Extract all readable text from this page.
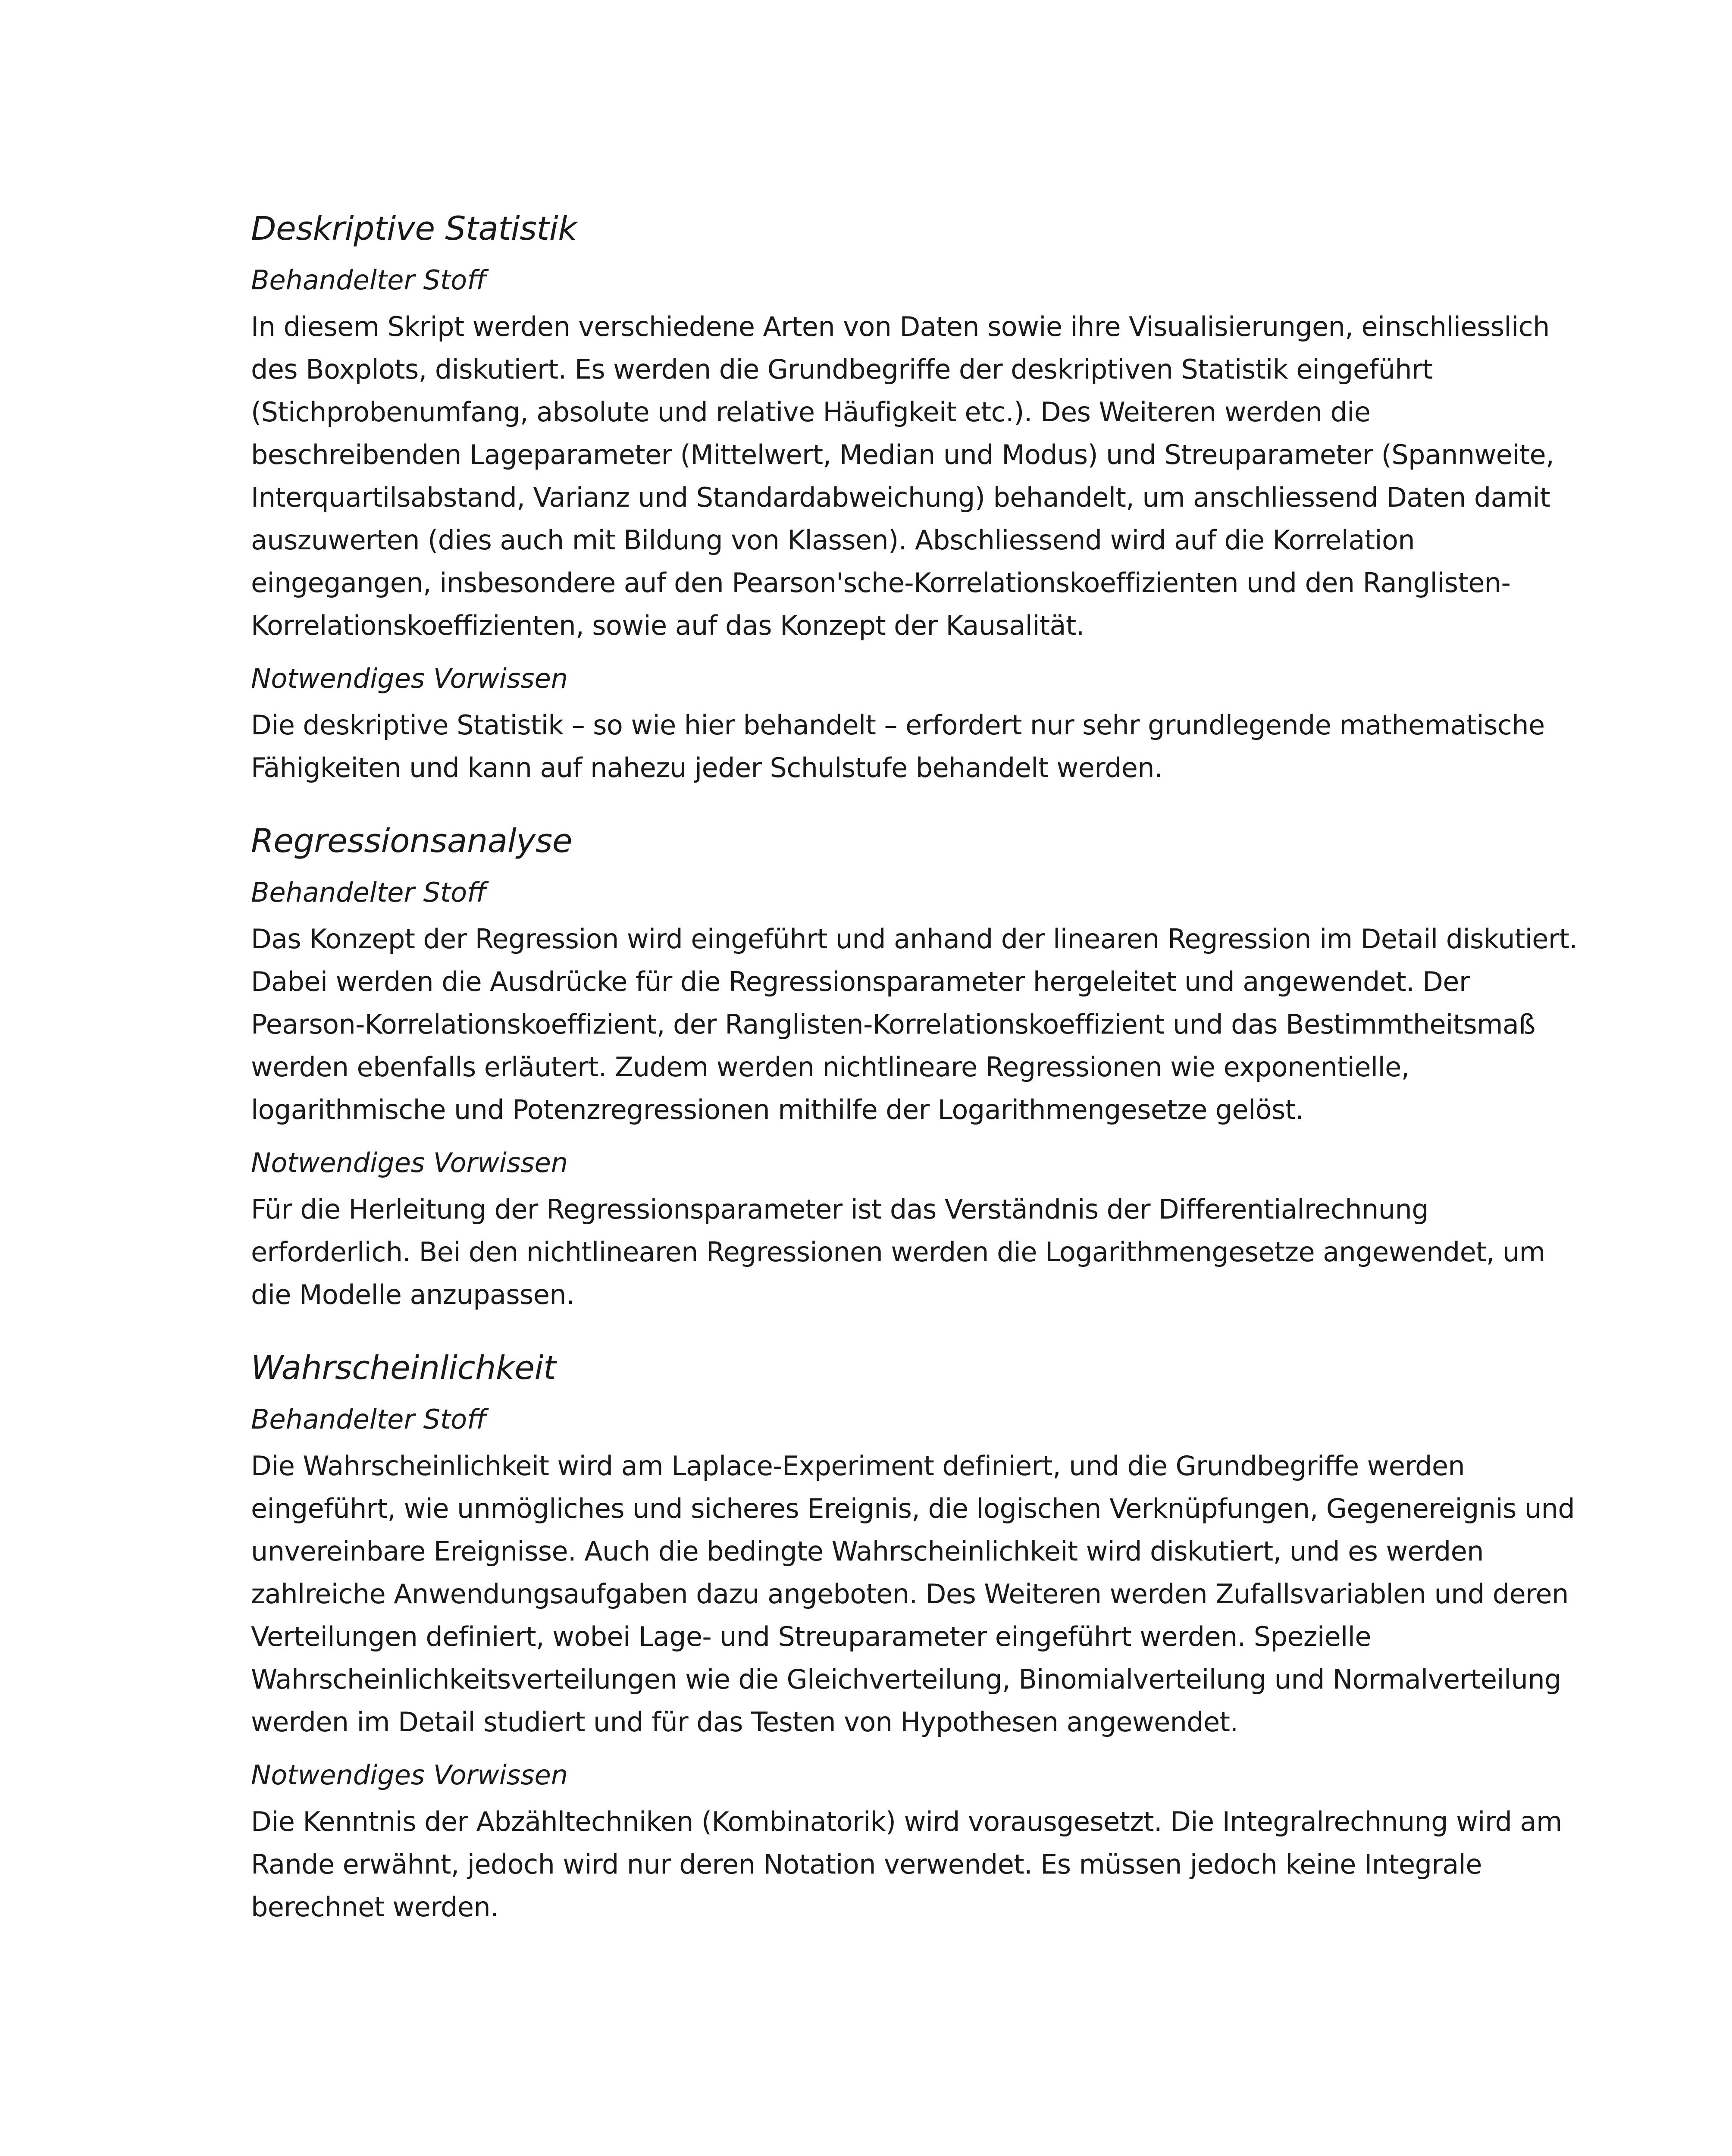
Deskriptive Statistik
Behandelter Stoff

In diesem Skript werden verschiedene Arten von Daten sowie ihre Visualisierungen, einschliesslich des Boxplots, diskutiert. Es werden die Grundbegriffe der deskriptiven Statistik eingeführt (Stichprobenumfang, absolute und relative Häufigkeit etc.). Des Weiteren werden die beschreibenden Lageparameter (Mittelwert, Median und Modus) und Streuparameter (Spannweite, Interquartilsabstand, Varianz und Standardabweichung) behandelt, um anschliessend Daten damit auszuwerten (dies auch mit Bildung von Klassen). Abschliessend wird auf die Korrelation eingegangen, insbesondere auf den Pearson'sche-Korrelationskoeffizienten und den Ranglisten-Korrelationskoeffizienten, sowie auf das Konzept der Kausalität.

Notwendiges Vorwissen

Die deskriptive Statistik – so wie hier behandelt – erfordert nur sehr grundlegende mathematische Fähigkeiten und kann auf nahezu jeder Schulstufe behandelt werden.

Regressionsanalyse
Behandelter Stoff

Das Konzept der Regression wird eingeführt und anhand der linearen Regression im Detail diskutiert. Dabei werden die Ausdrücke für die Regressionsparameter hergeleitet und angewendet. Der Pearson-Korrelationskoeffizient, der Ranglisten-Korrelationskoeffizient und das Bestimmtheitsmaß werden ebenfalls erläutert. Zudem werden nichtlineare Regressionen wie exponentielle, logarithmische und Potenzregressionen mithilfe der Logarithmengesetze gelöst.

Notwendiges Vorwissen

Für die Herleitung der Regressionsparameter ist das Verständnis der Differentialrechnung erforderlich. Bei den nichtlinearen Regressionen werden die Logarithmengesetze angewendet, um die Modelle anzupassen.

Wahrscheinlichkeit
Behandelter Stoff

Die Wahrscheinlichkeit wird am Laplace-Experiment definiert, und die Grundbegriffe werden eingeführt, wie unmögliches und sicheres Ereignis, die logischen Verknüpfungen, Gegenereignis und unvereinbare Ereignisse. Auch die bedingte Wahrscheinlichkeit wird diskutiert, und es werden zahlreiche Anwendungsaufgaben dazu angeboten. Des Weiteren werden Zufallsvariablen und deren Verteilungen definiert, wobei Lage- und Streuparameter eingeführt werden. Spezielle Wahrscheinlichkeitsverteilungen wie die Gleichverteilung, Binomialverteilung und Normalverteilung werden im Detail studiert und für das Testen von Hypothesen angewendet.

Notwendiges Vorwissen

Die Kenntnis der Abzähltechniken (Kombinatorik) wird vorausgesetzt. Die Integralrechnung wird am Rande erwähnt, jedoch wird nur deren Notation verwendet. Es müssen jedoch keine Integrale berechnet werden.
